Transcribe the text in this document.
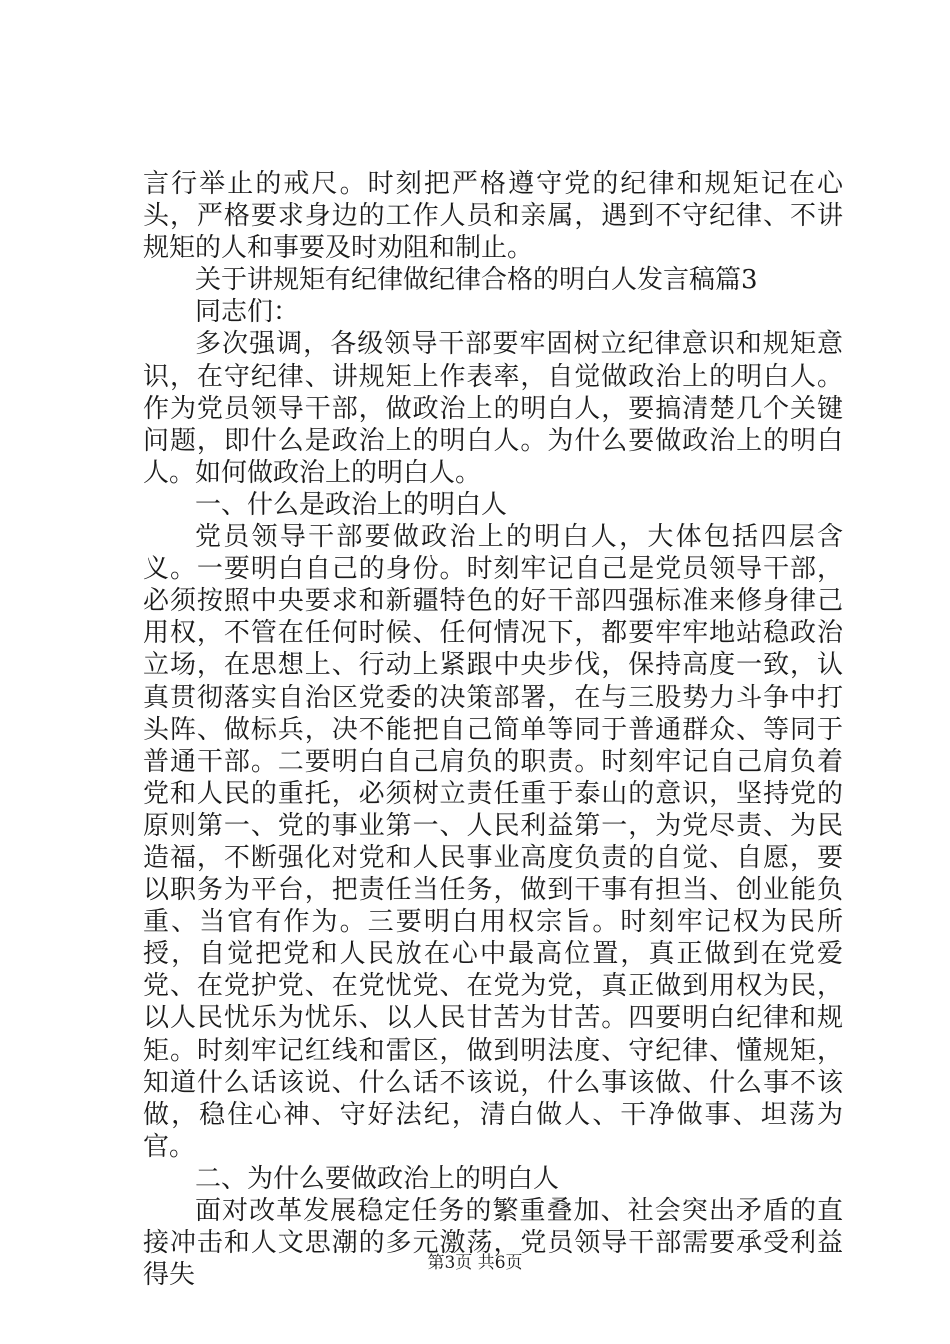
言行举止的戒尺。时刻把严格遵守党的纪律和规矩记在心头，严格要求身边的工作人员和亲属，遇到不守纪律、不讲规矩的人和事要及时劝阻和制止。

关于讲规矩有纪律做纪律合格的明白人发言稿篇3

同志们：

多次强调，各级领导干部要牢固树立纪律意识和规矩意识，在守纪律、讲规矩上作表率，自觉做政治上的明白人。作为党员领导干部，做政治上的明白人，要搞清楚几个关键问题，即什么是政治上的明白人。为什么要做政治上的明白人。如何做政治上的明白人。

一、什么是政治上的明白人

党员领导干部要做政治上的明白人，大体包括四层含义。一要明白自己的身份。时刻牢记自己是党员领导干部，必须按照中央要求和新疆特色的好干部四强标准来修身律己用权，不管在任何时候、任何情况下，都要牢牢地站稳政治立场，在思想上、行动上紧跟中央步伐，保持高度一致，认真贯彻落实自治区党委的决策部署，在与三股势力斗争中打头阵、做标兵，决不能把自己简单等同于普通群众、等同于普通干部。二要明白自己肩负的职责。时刻牢记自己肩负着党和人民的重托，必须树立责任重于泰山的意识，坚持党的原则第一、党的事业第一、人民利益第一，为党尽责、为民造福，不断强化对党和人民事业高度负责的自觉、自愿，要以职务为平台，把责任当任务，做到干事有担当、创业能负重、当官有作为。三要明白用权宗旨。时刻牢记权为民所授，自觉把党和人民放在心中最高位置，真正做到在党爱党、在党护党、在党忧党、在党为党，真正做到用权为民，以人民忧乐为忧乐、以人民甘苦为甘苦。四要明白纪律和规矩。时刻牢记红线和雷区，做到明法度、守纪律、懂规矩，知道什么话该说、什么话不该说，什么事该做、什么事不该做，稳住心神、守好法纪，清白做人、干净做事、坦荡为官。

二、为什么要做政治上的明白人

面对改革发展稳定任务的繁重叠加、社会突出矛盾的直接冲击和人文思潮的多元激荡，党员领导干部需要承受利益得失	第3页 共6页
